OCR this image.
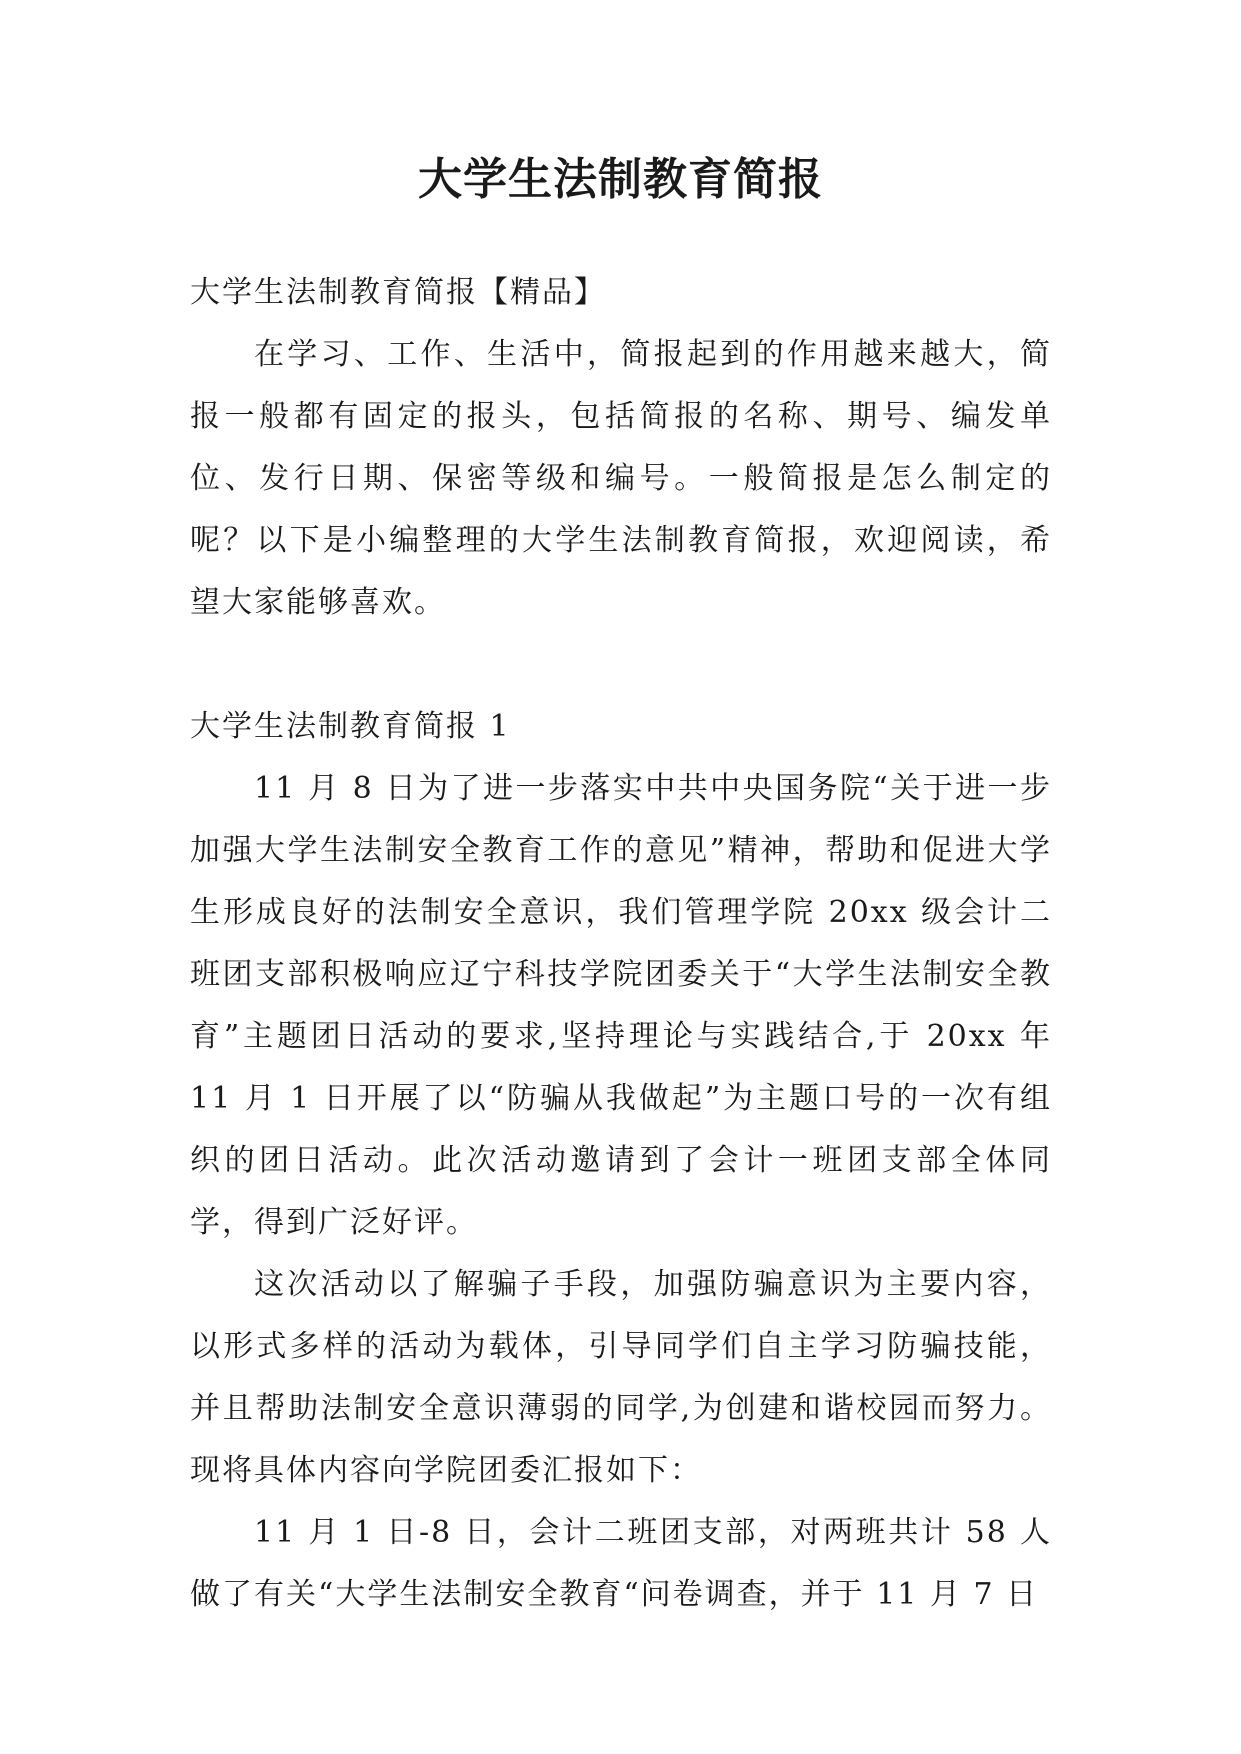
大学生法制教育简报

大学生法制教育简报【精品】

在学习、工作、生活中，简报起到的作用越来越大，简报一般都有固定的报头，包括简报的名称、期号、编发单位、发行日期、保密等级和编号。一般简报是怎么制定的呢？以下是小编整理的大学生法制教育简报，欢迎阅读，希望大家能够喜欢。

大学生法制教育简报 1

11 月 8 日为了进一步落实中共中央国务院“关于进一步加强大学生法制安全教育工作的意见”精神，帮助和促进大学生形成良好的法制安全意识，我们管理学院 20xx 级会计二班团支部积极响应辽宁科技学院团委关于“大学生法制安全教育”主题团日活动的要求,坚持理论与实践结合,于 20xx 年 11 月 1 日开展了以“防骗从我做起”为主题口号的一次有组织的团日活动。此次活动邀请到了会计一班团支部全体同学，得到广泛好评。

这次活动以了解骗子手段，加强防骗意识为主要内容，以形式多样的活动为载体，引导同学们自主学习防骗技能，并且帮助法制安全意识薄弱的同学,为创建和谐校园而努力。现将具体内容向学院团委汇报如下：

11 月 1 日-8 日，会计二班团支部，对两班共计 58 人做了有关“大学生法制安全教育“问卷调查，并于 11 月 7 日
